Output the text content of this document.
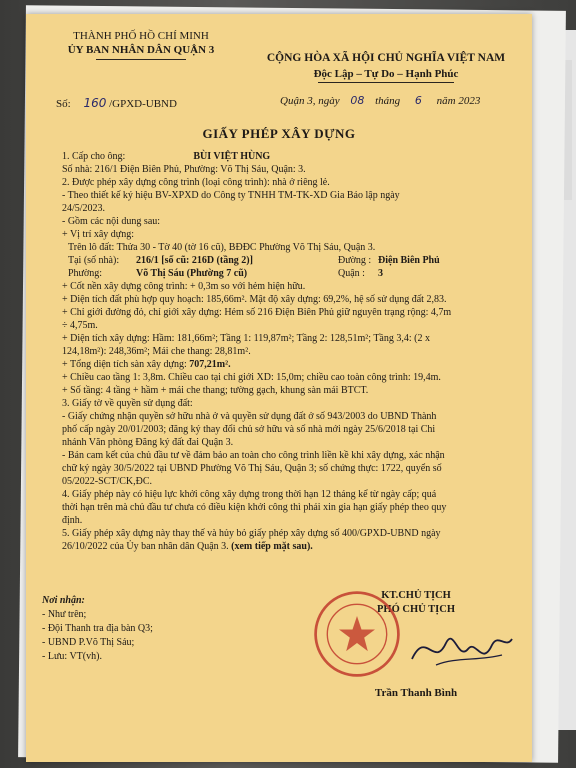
THÀNH PHỐ HỒ CHÍ MINH
ỦY BAN NHÂN DÂN QUẬN 3
Số: 160 /GPXD-UBND
CỘNG HÒA XÃ HỘI CHỦ NGHĨA VIỆT NAM
Độc Lập – Tự Do – Hạnh Phúc
Quận 3, ngày 08 tháng 6 năm 2023
GIẤY PHÉP XÂY DỰNG
1. Cấp cho ông:	BÙI VIỆT HÙNG
Số nhà: 216/1 Điện Biên Phủ, Phường: Võ Thị Sáu, Quận: 3.
2. Được phép xây dựng công trình (loại công trình): nhà ở riêng lẻ.
- Theo thiết kế ký hiệu BV-XPXD do Công ty TNHH TM-TK-XD Gia Bảo lập ngày
24/5/2023.
- Gồm các nội dung sau:
+ Vị trí xây dựng:
Trên lô đất: Thửa 30 - Tờ 40 (tờ 16 cũ), BĐĐC Phường Võ Thị Sáu, Quận 3.
Tại (số nhà): 216/1 [số cũ: 216D (tầng 2)]	Đường : Điện Biên Phủ
Phường:	Võ Thị Sáu (Phường 7 cũ)	Quận : 3
+ Cốt nền xây dựng công trình: + 0,3m so với hẻm hiện hữu.
+ Diện tích đất phù hợp quy hoạch: 185,66m². Mật độ xây dựng: 69,2%, hệ số sử dụng đất 2,83.
+ Chỉ giới đường đỏ, chỉ giới xây dựng: Hẻm số 216 Điện Biên Phủ giữ nguyên trạng rộng: 4,7m
÷ 4,75m.
+ Diện tích xây dựng: Hầm: 181,66m²; Tầng 1: 119,87m²; Tầng 2: 128,51m²; Tầng 3,4: (2 x
124,18m²): 248,36m²; Mái che thang: 28,81m².
+ Tổng diện tích sàn xây dựng: 707,21m².
+ Chiều cao tầng 1: 3,8m. Chiều cao tại chỉ giới XD: 15,0m; chiều cao toàn công trình: 19,4m.
+ Số tầng: 4 tầng + hầm + mái che thang; tường gạch, khung sàn mái BTCT.
3. Giấy tờ về quyền sử dụng đất:
- Giấy chứng nhận quyền sở hữu nhà ở và quyền sử dụng đất ở số 943/2003 do UBND Thành
phố cấp ngày 20/01/2003; đăng ký thay đổi chủ sở hữu và số nhà mới ngày 25/6/2018 tại Chi
nhánh Văn phòng Đăng ký đất đai Quận 3.
- Bản cam kết của chủ đầu tư về đảm bảo an toàn cho công trình liền kề khi xây dựng, xác nhận
chữ ký ngày 30/5/2022 tại UBND Phường Võ Thị Sáu, Quận 3; số chứng thực: 1722, quyển số
05/2022-SCT/CK,ĐC.
4. Giấy phép này có hiệu lực khởi công xây dựng trong thời hạn 12 tháng kể từ ngày cấp; quá
thời hạn trên mà chủ đầu tư chưa có điều kiện khởi công thì phải xin gia hạn giấy phép theo quy
định.
5. Giấy phép xây dựng này thay thế và hủy bỏ giấy phép xây dựng số 400/GPXD-UBND ngày
26/10/2022 của Ủy ban nhân dân Quận 3. (xem tiếp mặt sau).
Nơi nhận:
- Như trên;
- Đội Thanh tra địa bàn Q3;
- UBND P.Võ Thị Sáu;
- Lưu: VT(vh).
KT.CHỦ TỊCH
PHÓ CHỦ TỊCH
Trần Thanh Bình
